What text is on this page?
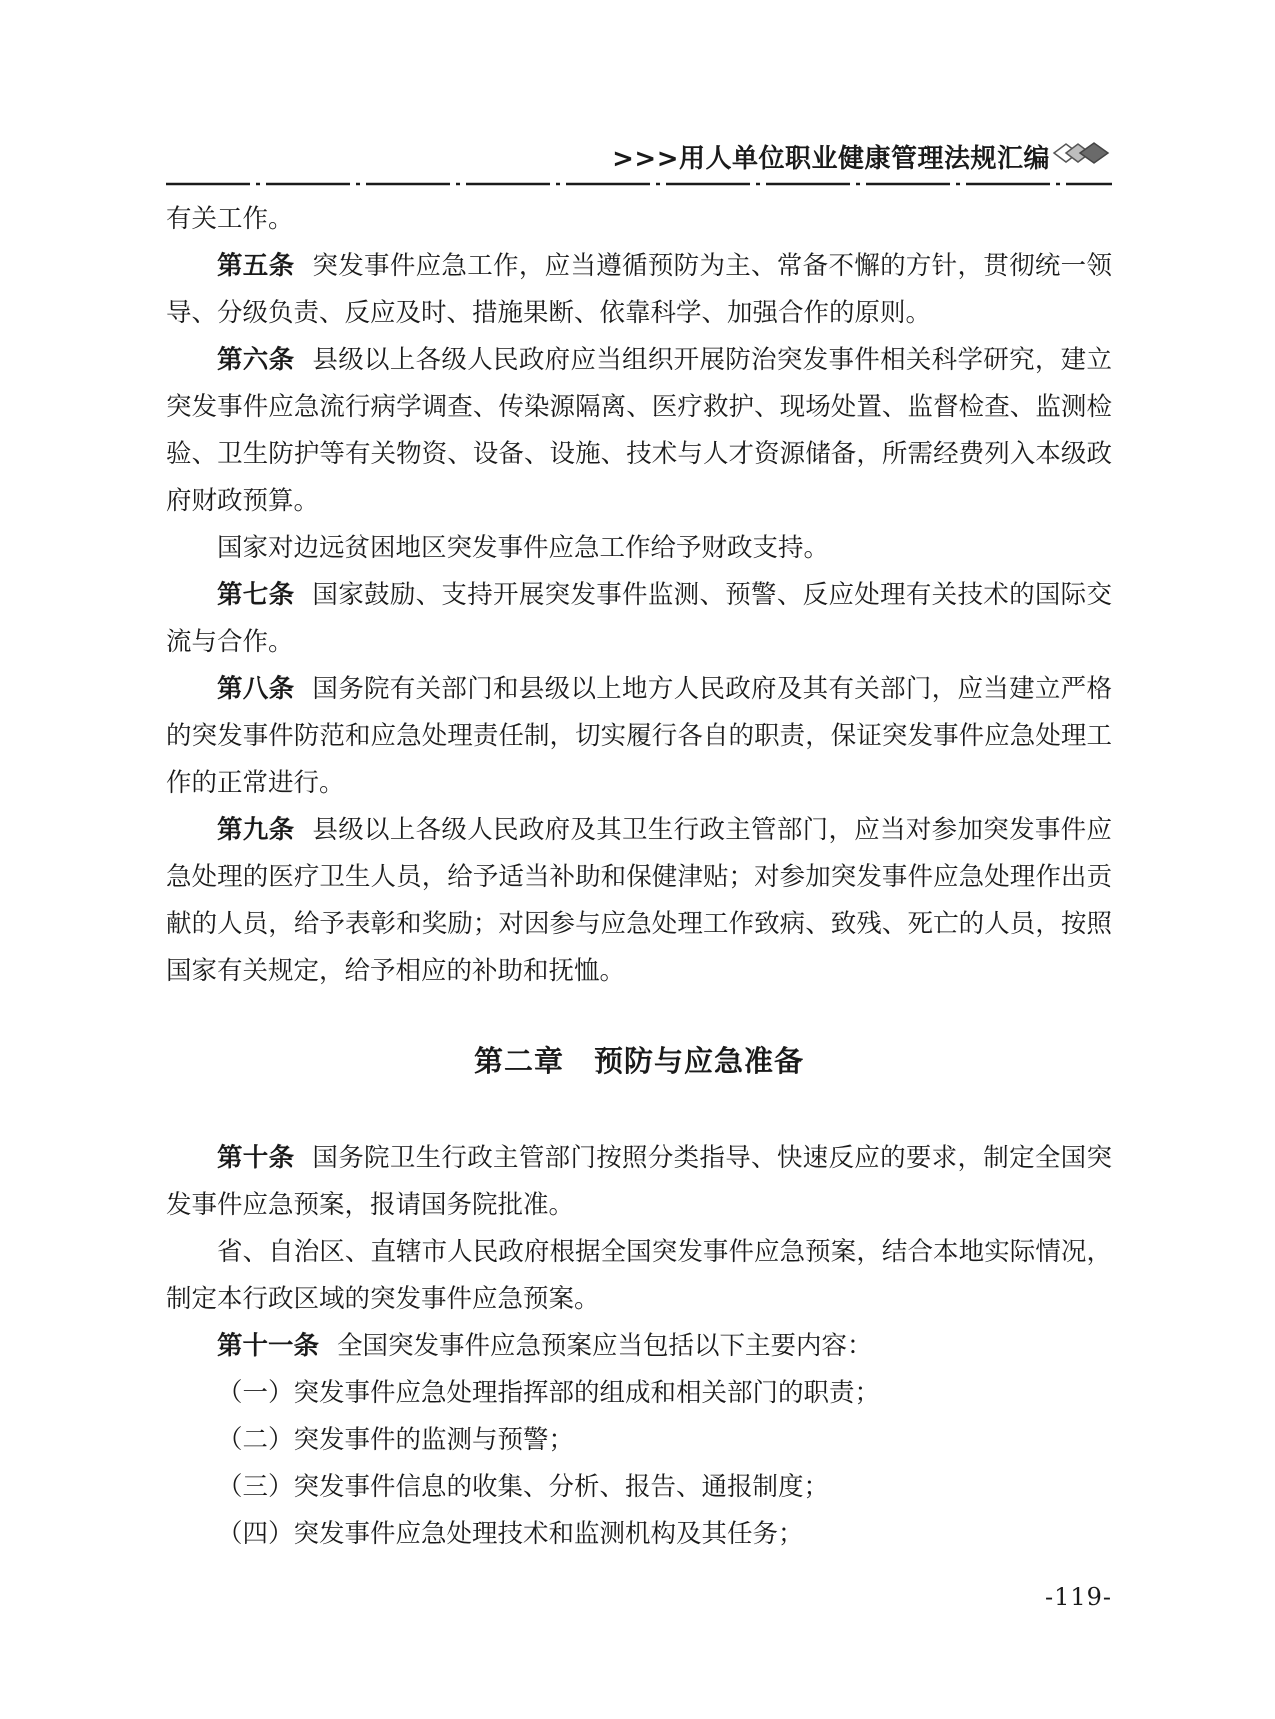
>>>用人单位职业健康管理法规汇编

有关工作。

第五条 突发事件应急工作，应当遵循预防为主、常备不懈的方针，贯彻统一领导、分级负责、反应及时、措施果断、依靠科学、加强合作的原则。

第六条 县级以上各级人民政府应当组织开展防治突发事件相关科学研究，建立突发事件应急流行病学调查、传染源隔离、医疗救护、现场处置、监督检查、监测检验、卫生防护等有关物资、设备、设施、技术与人才资源储备，所需经费列入本级政府财政预算。

国家对边远贫困地区突发事件应急工作给予财政支持。

第七条 国家鼓励、支持开展突发事件监测、预警、反应处理有关技术的国际交流与合作。

第八条 国务院有关部门和县级以上地方人民政府及其有关部门，应当建立严格的突发事件防范和应急处理责任制，切实履行各自的职责，保证突发事件应急处理工作的正常进行。

第九条 县级以上各级人民政府及其卫生行政主管部门，应当对参加突发事件应急处理的医疗卫生人员，给予适当补助和保健津贴；对参加突发事件应急处理作出贡献的人员，给予表彰和奖励；对因参与应急处理工作致病、致残、死亡的人员，按照国家有关规定，给予相应的补助和抚恤。

第二章　预防与应急准备

第十条 国务院卫生行政主管部门按照分类指导、快速反应的要求，制定全国突发事件应急预案，报请国务院批准。

省、自治区、直辖市人民政府根据全国突发事件应急预案，结合本地实际情况，制定本行政区域的突发事件应急预案。

第十一条 全国突发事件应急预案应当包括以下主要内容：

（一）突发事件应急处理指挥部的组成和相关部门的职责；

（二）突发事件的监测与预警；

（三）突发事件信息的收集、分析、报告、通报制度；

（四）突发事件应急处理技术和监测机构及其任务；

-119-
